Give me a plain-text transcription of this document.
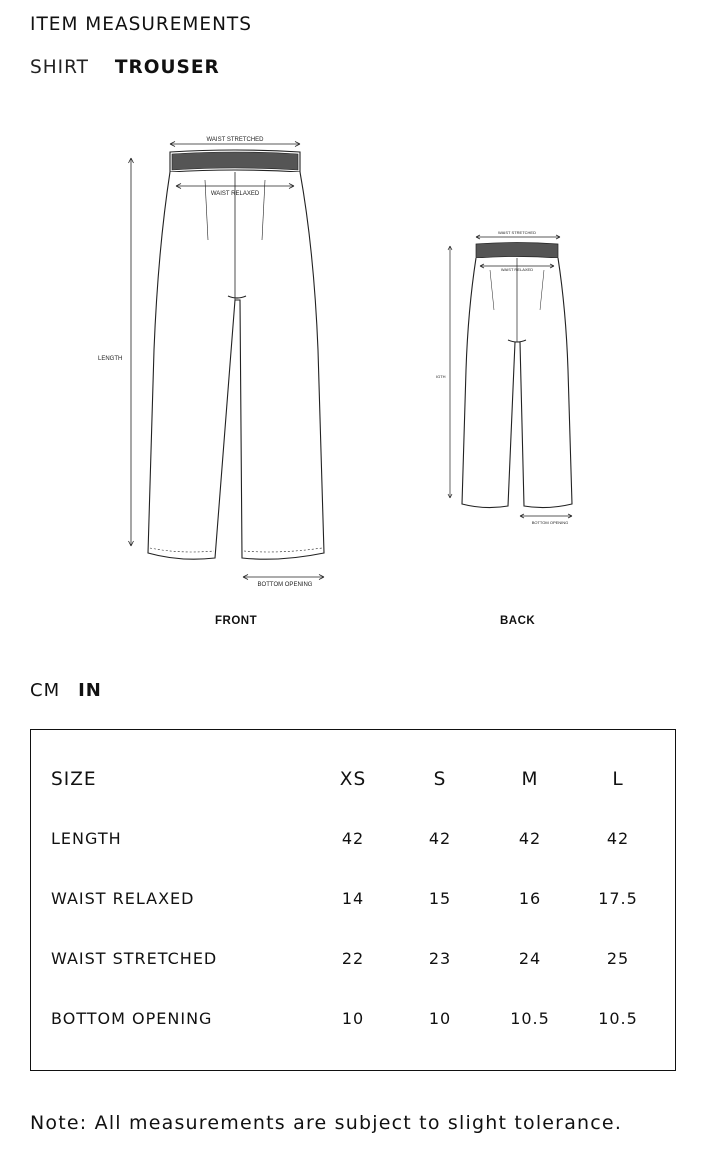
ITEM MEASUREMENTS
SHIRT TROUSER
WAIST STRETCHED
WAIST RELAXED
LENGTH
BOTTOM OPENING
WAIST STRETCHED
WAIST RELAXED
IGTH
BOTTOM OPENING
FRONT	BACK
CM IN
SIZE	XS	S	M	L
LENGTH	42	42	42	42
WAIST RELAXED	14	15	16	17.5
WAIST STRETCHED	22	23	24	25
BOTTOM OPENING	10	10	10.5	10.5

Note: All measurements are subject to slight tolerance.
